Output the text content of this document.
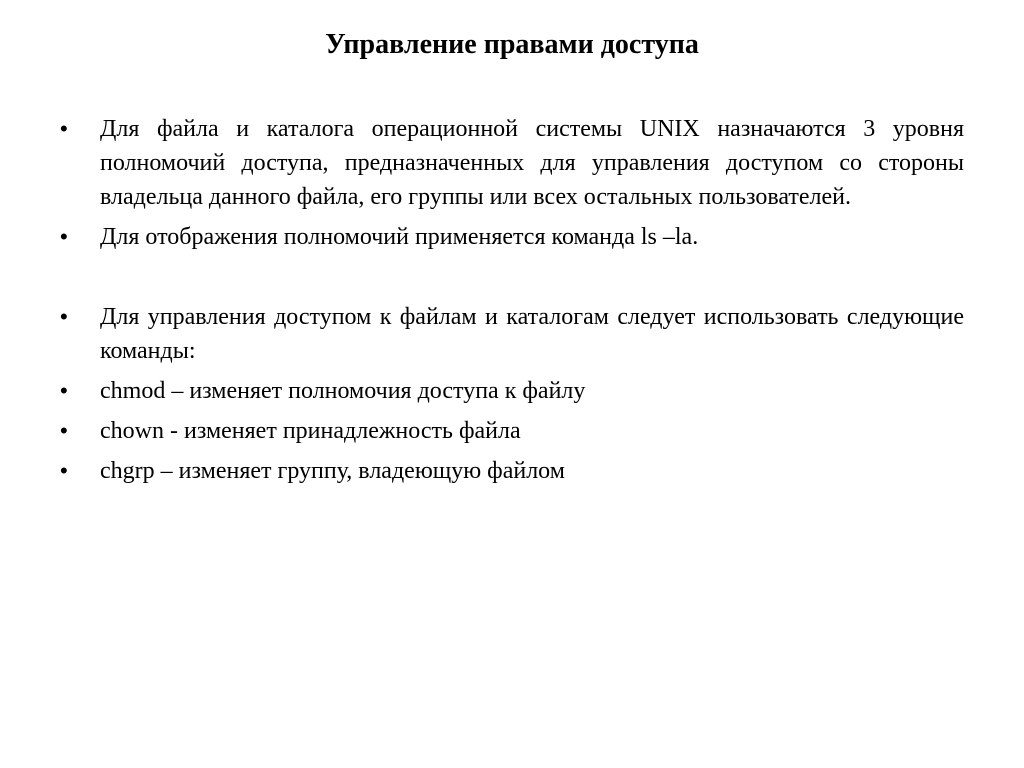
Управление правами доступа
•	Для файла и каталога операционной системы UNIX назначаются 3 уровня полномочий доступа, предназначенных для управления доступом со стороны владельца данного файла, его группы или всех остальных пользователей.
•	Для отображения полномочий применяется команда ls –la.
•	Для управления доступом к файлам и каталогам следует использовать следующие команды:
•	chmod – изменяет полномочия доступа к файлу
•	chown - изменяет принадлежность файла
•	chgrp – изменяет группу, владеющую файлом
